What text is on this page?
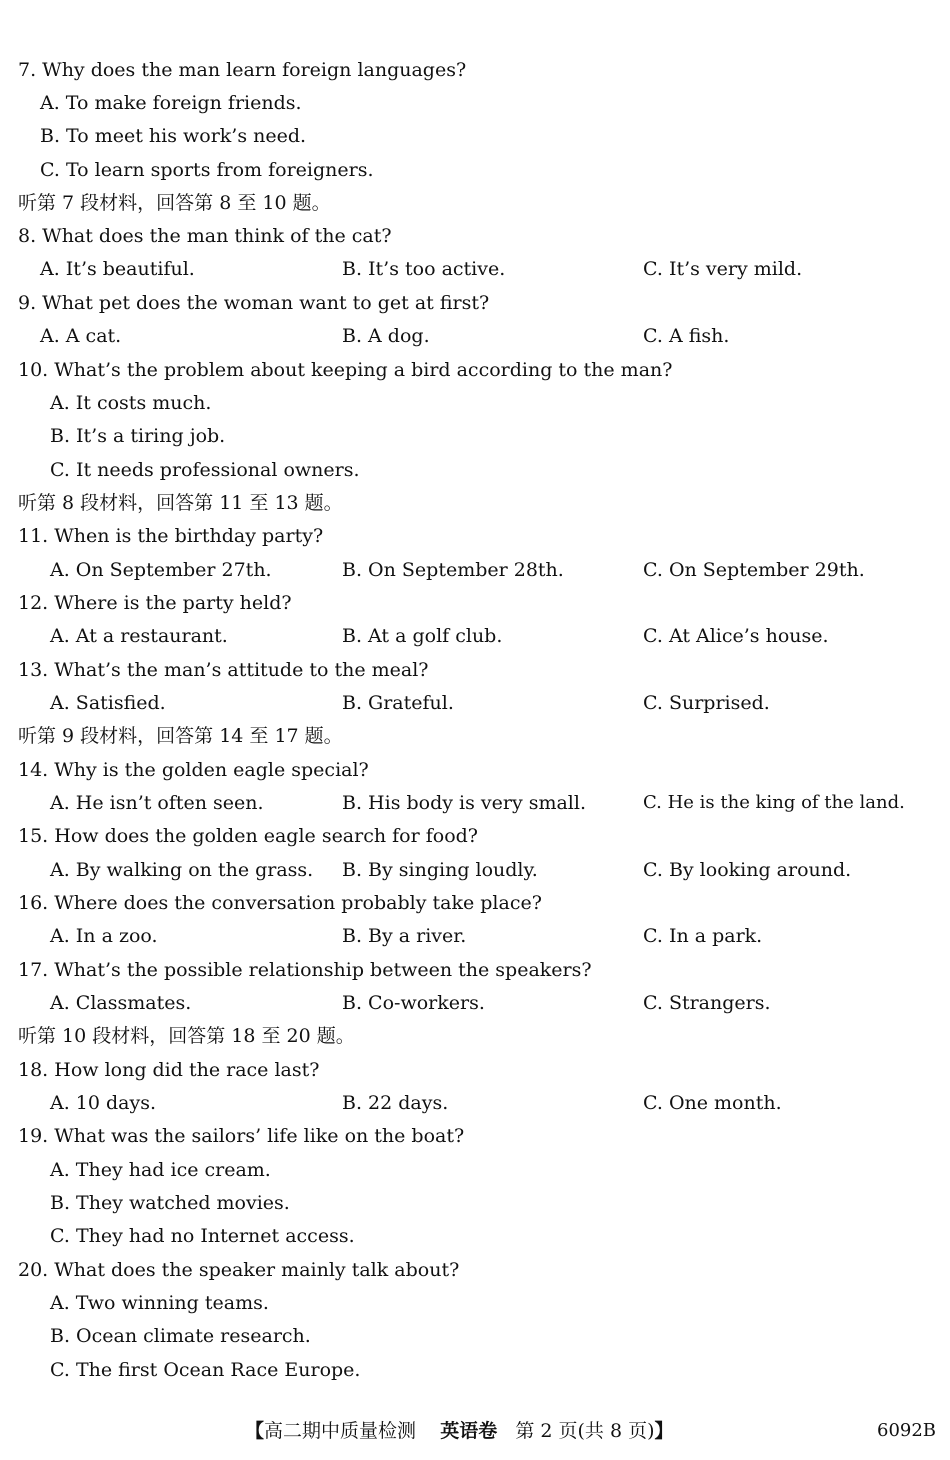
7. Why does the man learn foreign languages?
A. To make foreign friends.
B. To meet his work’s need.
C. To learn sports from foreigners.
听第 7 段材料，回答第 8 至 10 题。
8. What does the man think of the cat?
A. It’s beautiful.	B. It’s too active.	C. It’s very mild.
9. What pet does the woman want to get at first?
A. A cat.	B. A dog.	C. A fish.
10. What’s the problem about keeping a bird according to the man?
A. It costs much.
B. It’s a tiring job.
C. It needs professional owners.
听第 8 段材料，回答第 11 至 13 题。
11. When is the birthday party?
A. On September 27th.	B. On September 28th.	C. On September 29th.
12. Where is the party held?
A. At a restaurant.	B. At a golf club.	C. At Alice’s house.
13. What’s the man’s attitude to the meal?
A. Satisfied.	B. Grateful.	C. Surprised.
听第 9 段材料，回答第 14 至 17 题。
14. Why is the golden eagle special?
A. He isn’t often seen.	B. His body is very small.	C. He is the king of the land.
15. How does the golden eagle search for food?
A. By walking on the grass. B. By singing loudly.	C. By looking around.
16. Where does the conversation probably take place?
A. In a zoo.	B. By a river.	C. In a park.
17. What’s the possible relationship between the speakers?
A. Classmates.	B. Co-workers.	C. Strangers.
听第 10 段材料，回答第 18 至 20 题。
18. How long did the race last?
A. 10 days.	B. 22 days.	C. One month.
19. What was the sailors’ life like on the boat?
A. They had ice cream.
B. They watched movies.
C. They had no Internet access.
20. What does the speaker mainly talk about?
A. Two winning teams.
B. Ocean climate research.
C. The first Ocean Race Europe.
【高二期中质量检测 英语卷 第 2 页(共 8 页)】	6092B
